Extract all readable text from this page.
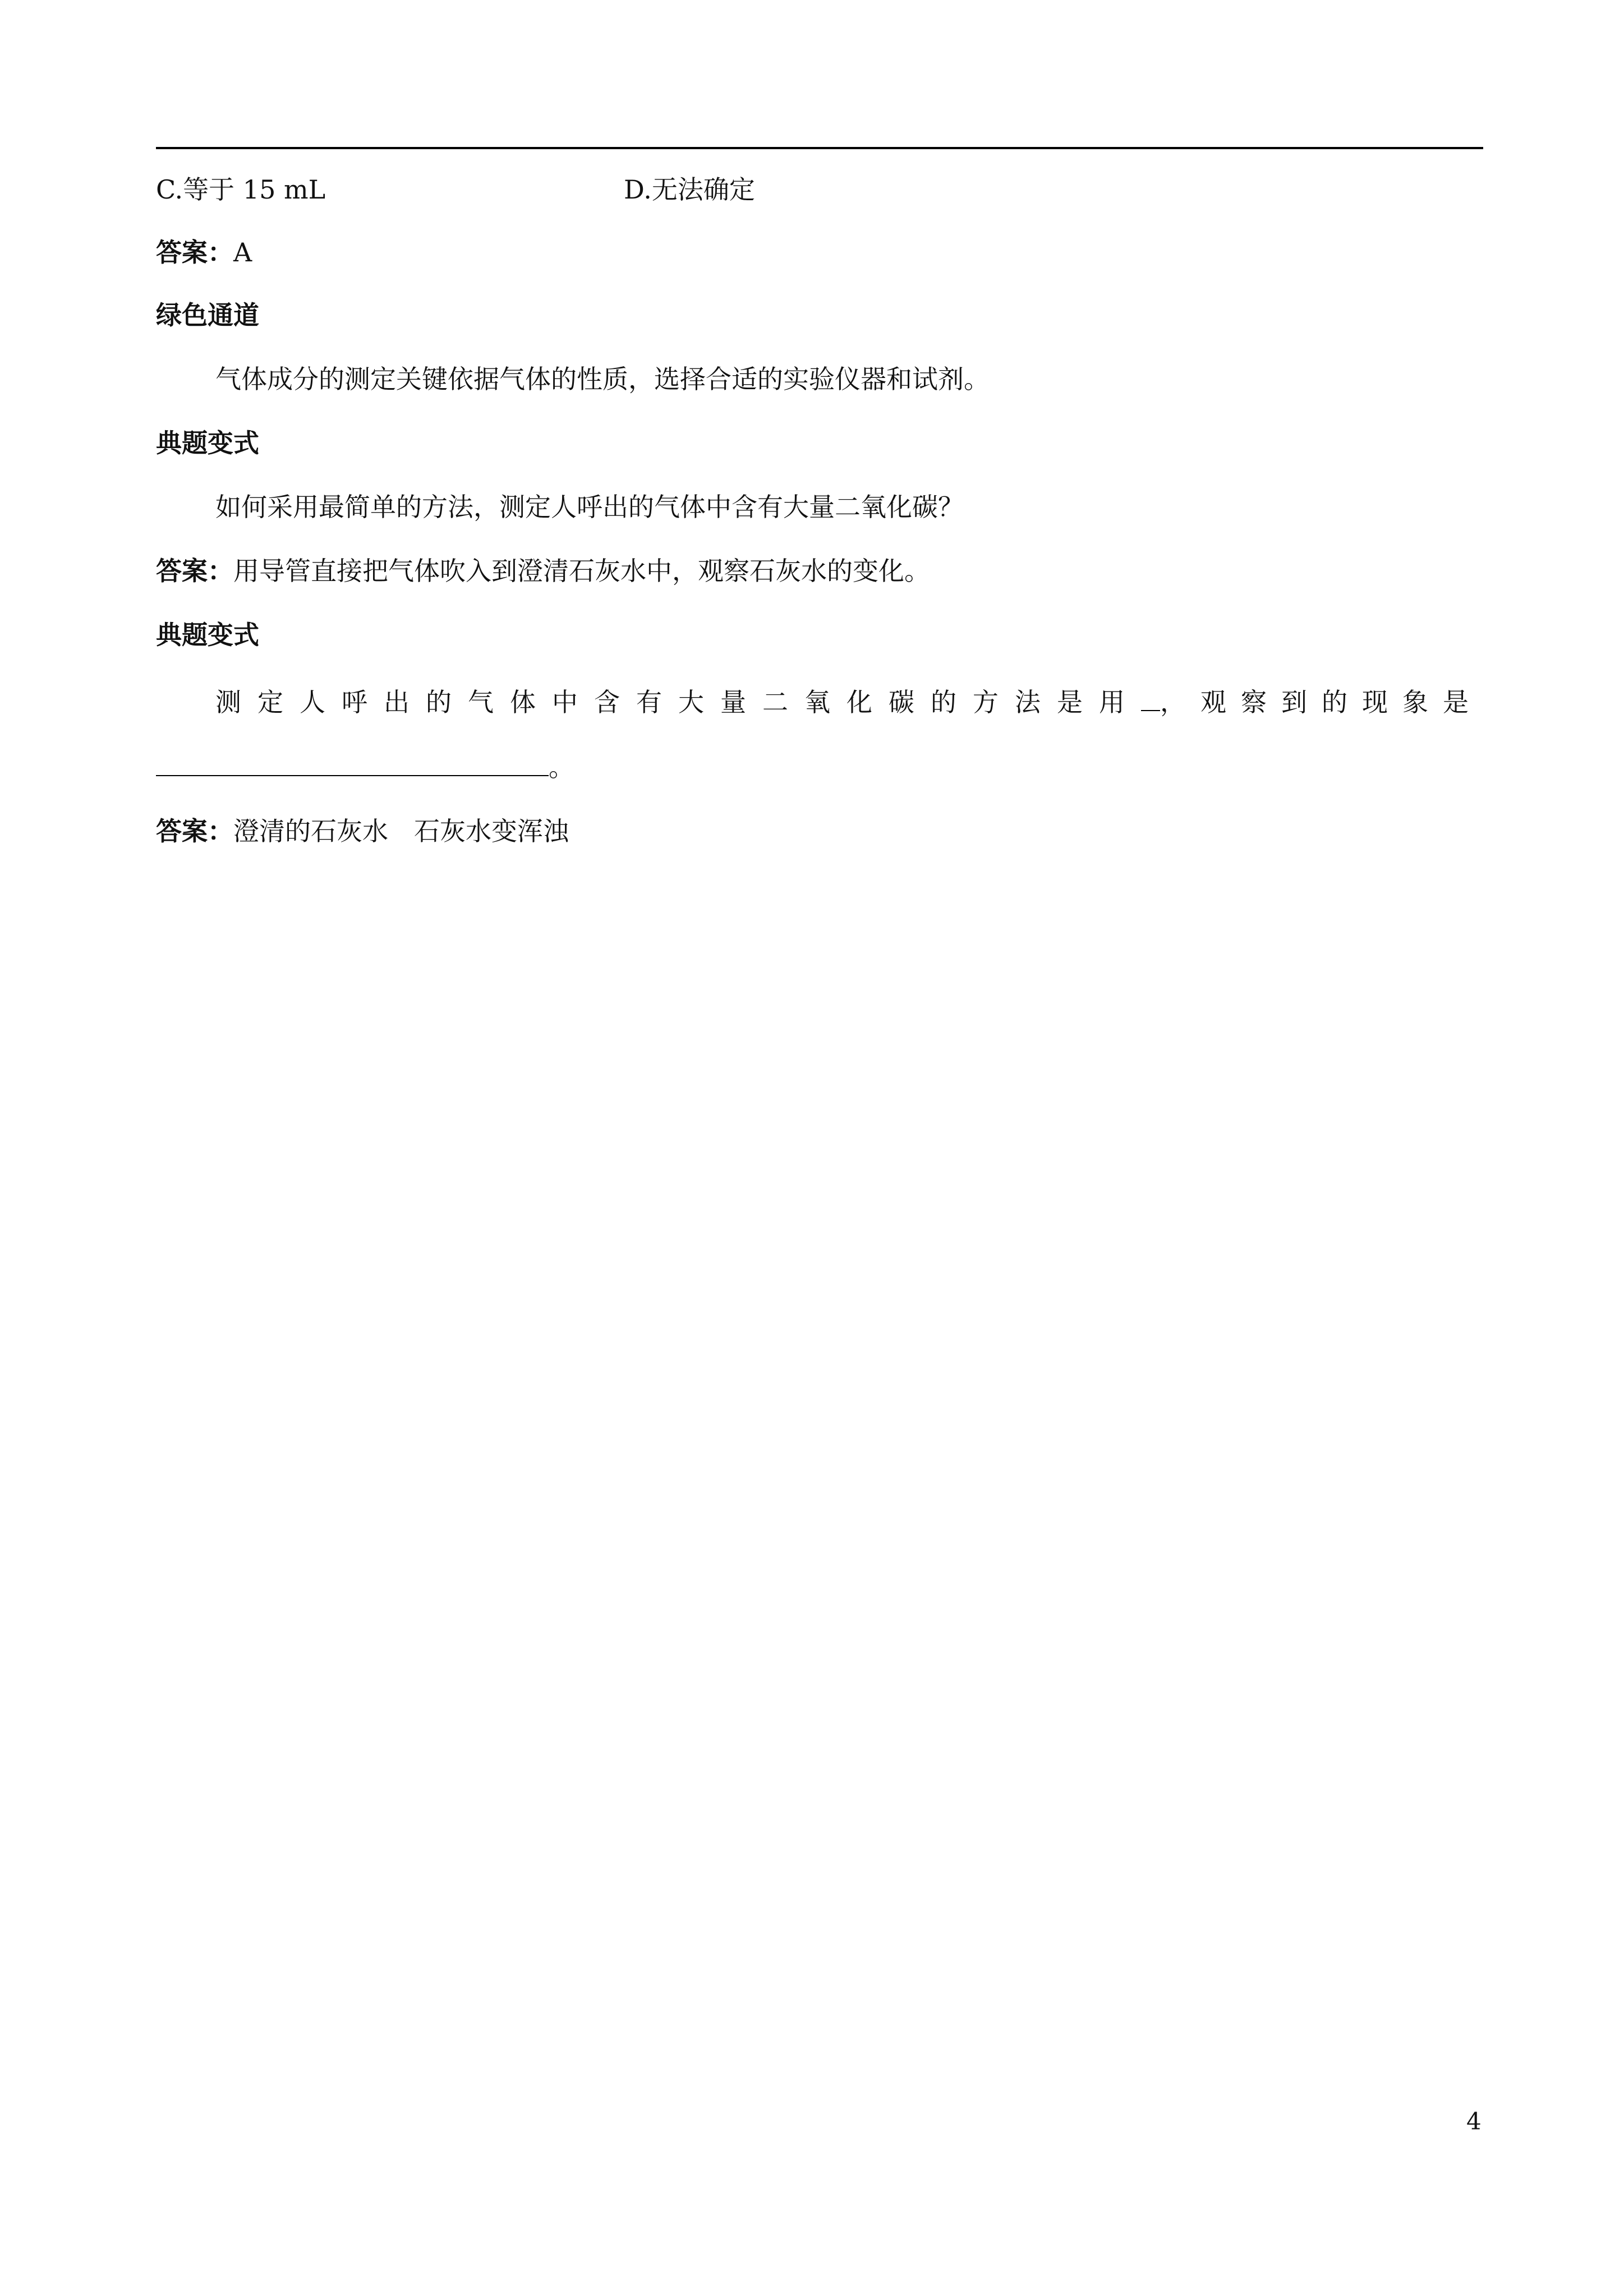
C.等于 15 mL	D.无法确定
答案：A
绿色通道
气体成分的测定关键依据气体的性质，选择合适的实验仪器和试剂。
典题变式
如何采用最简单的方法，测定人呼出的气体中含有大量二氧化碳？
答案：用导管直接把气体吹入到澄清石灰水中，观察石灰水的变化。
典题变式
测定人呼出的气体中含有大量二氧化碳的方法是用 ，观察到的现象是
。
答案：澄清的石灰水　石灰水变浑浊
4
